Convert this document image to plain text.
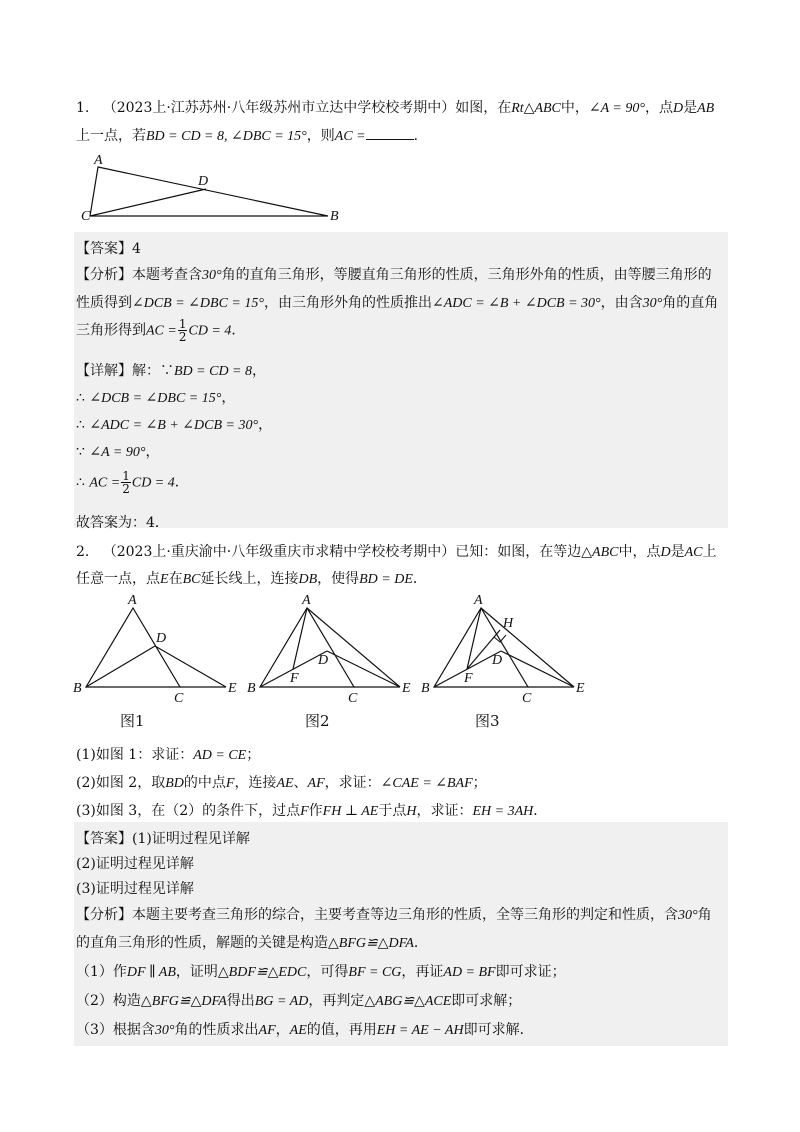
1. （2023上·江苏苏州·八年级苏州市立达中学校校考期中）如图，在Rt△ABC中，∠A = 90°，点D是AB
上一点，若BD = CD = 8, ∠DBC = 15°，则AC =	．
A
D
C	B
【答案】4
【分析】本题考查含30°角的直角三角形，等腰直角三角形的性质，三角形外角的性质，由等腰三角形的
性质得到∠DCB = ∠DBC = 15°，由三角形外角的性质推出∠ADC = ∠B + ∠DCB = 30°，由含30°角的直角
三角形得到AC = $\frac{1}{2}$ CD = 4．
【详解】解：∵BD = CD = 8，
∴ ∠DCB = ∠DBC = 15°，
∴ ∠ADC = ∠B + ∠DCB = 30°，
∵ ∠A = 90°，
∴ AC = $\frac{1}{2}$ CD = 4．
故答案为：4．
2. （2023上·重庆渝中·八年级重庆市求精中学校校考期中）已知：如图，在等边△ABC中，点D是AC上
任意一点，点E在BC延长线上，连接DB，使得BD = DE．
A
D
B
C
E
图1
A
D
F
B
C
E
图2
A
H
D
F
B
C
E
图3
(1)如图 1：求证：AD = CE；
(2)如图 2，取BD的中点F，连接AE、AF，求证：∠CAE = ∠BAF；
(3)如图 3，在（2）的条件下，过点F作FH ⊥ AE于点H，求证：EH = 3AH．
【答案】(1)证明过程见详解
(2)证明过程见详解
(3)证明过程见详解
【分析】本题主要考查三角形的综合，主要考查等边三角形的性质，全等三角形的判定和性质，含30°角
的直角三角形的性质，解题的关键是构造△BFG≌△DFA．
（1）作DF ∥ AB，证明△BDF≌△EDC，可得BF = CG，再证AD = BF即可求证；
（2）构造△BFG≌△DFA得出BG = AD，再判定△ABG≌△ACE即可求解；
（3）根据含30°角的性质求出AF，AE的值，再用EH = AE − AH即可求解．
